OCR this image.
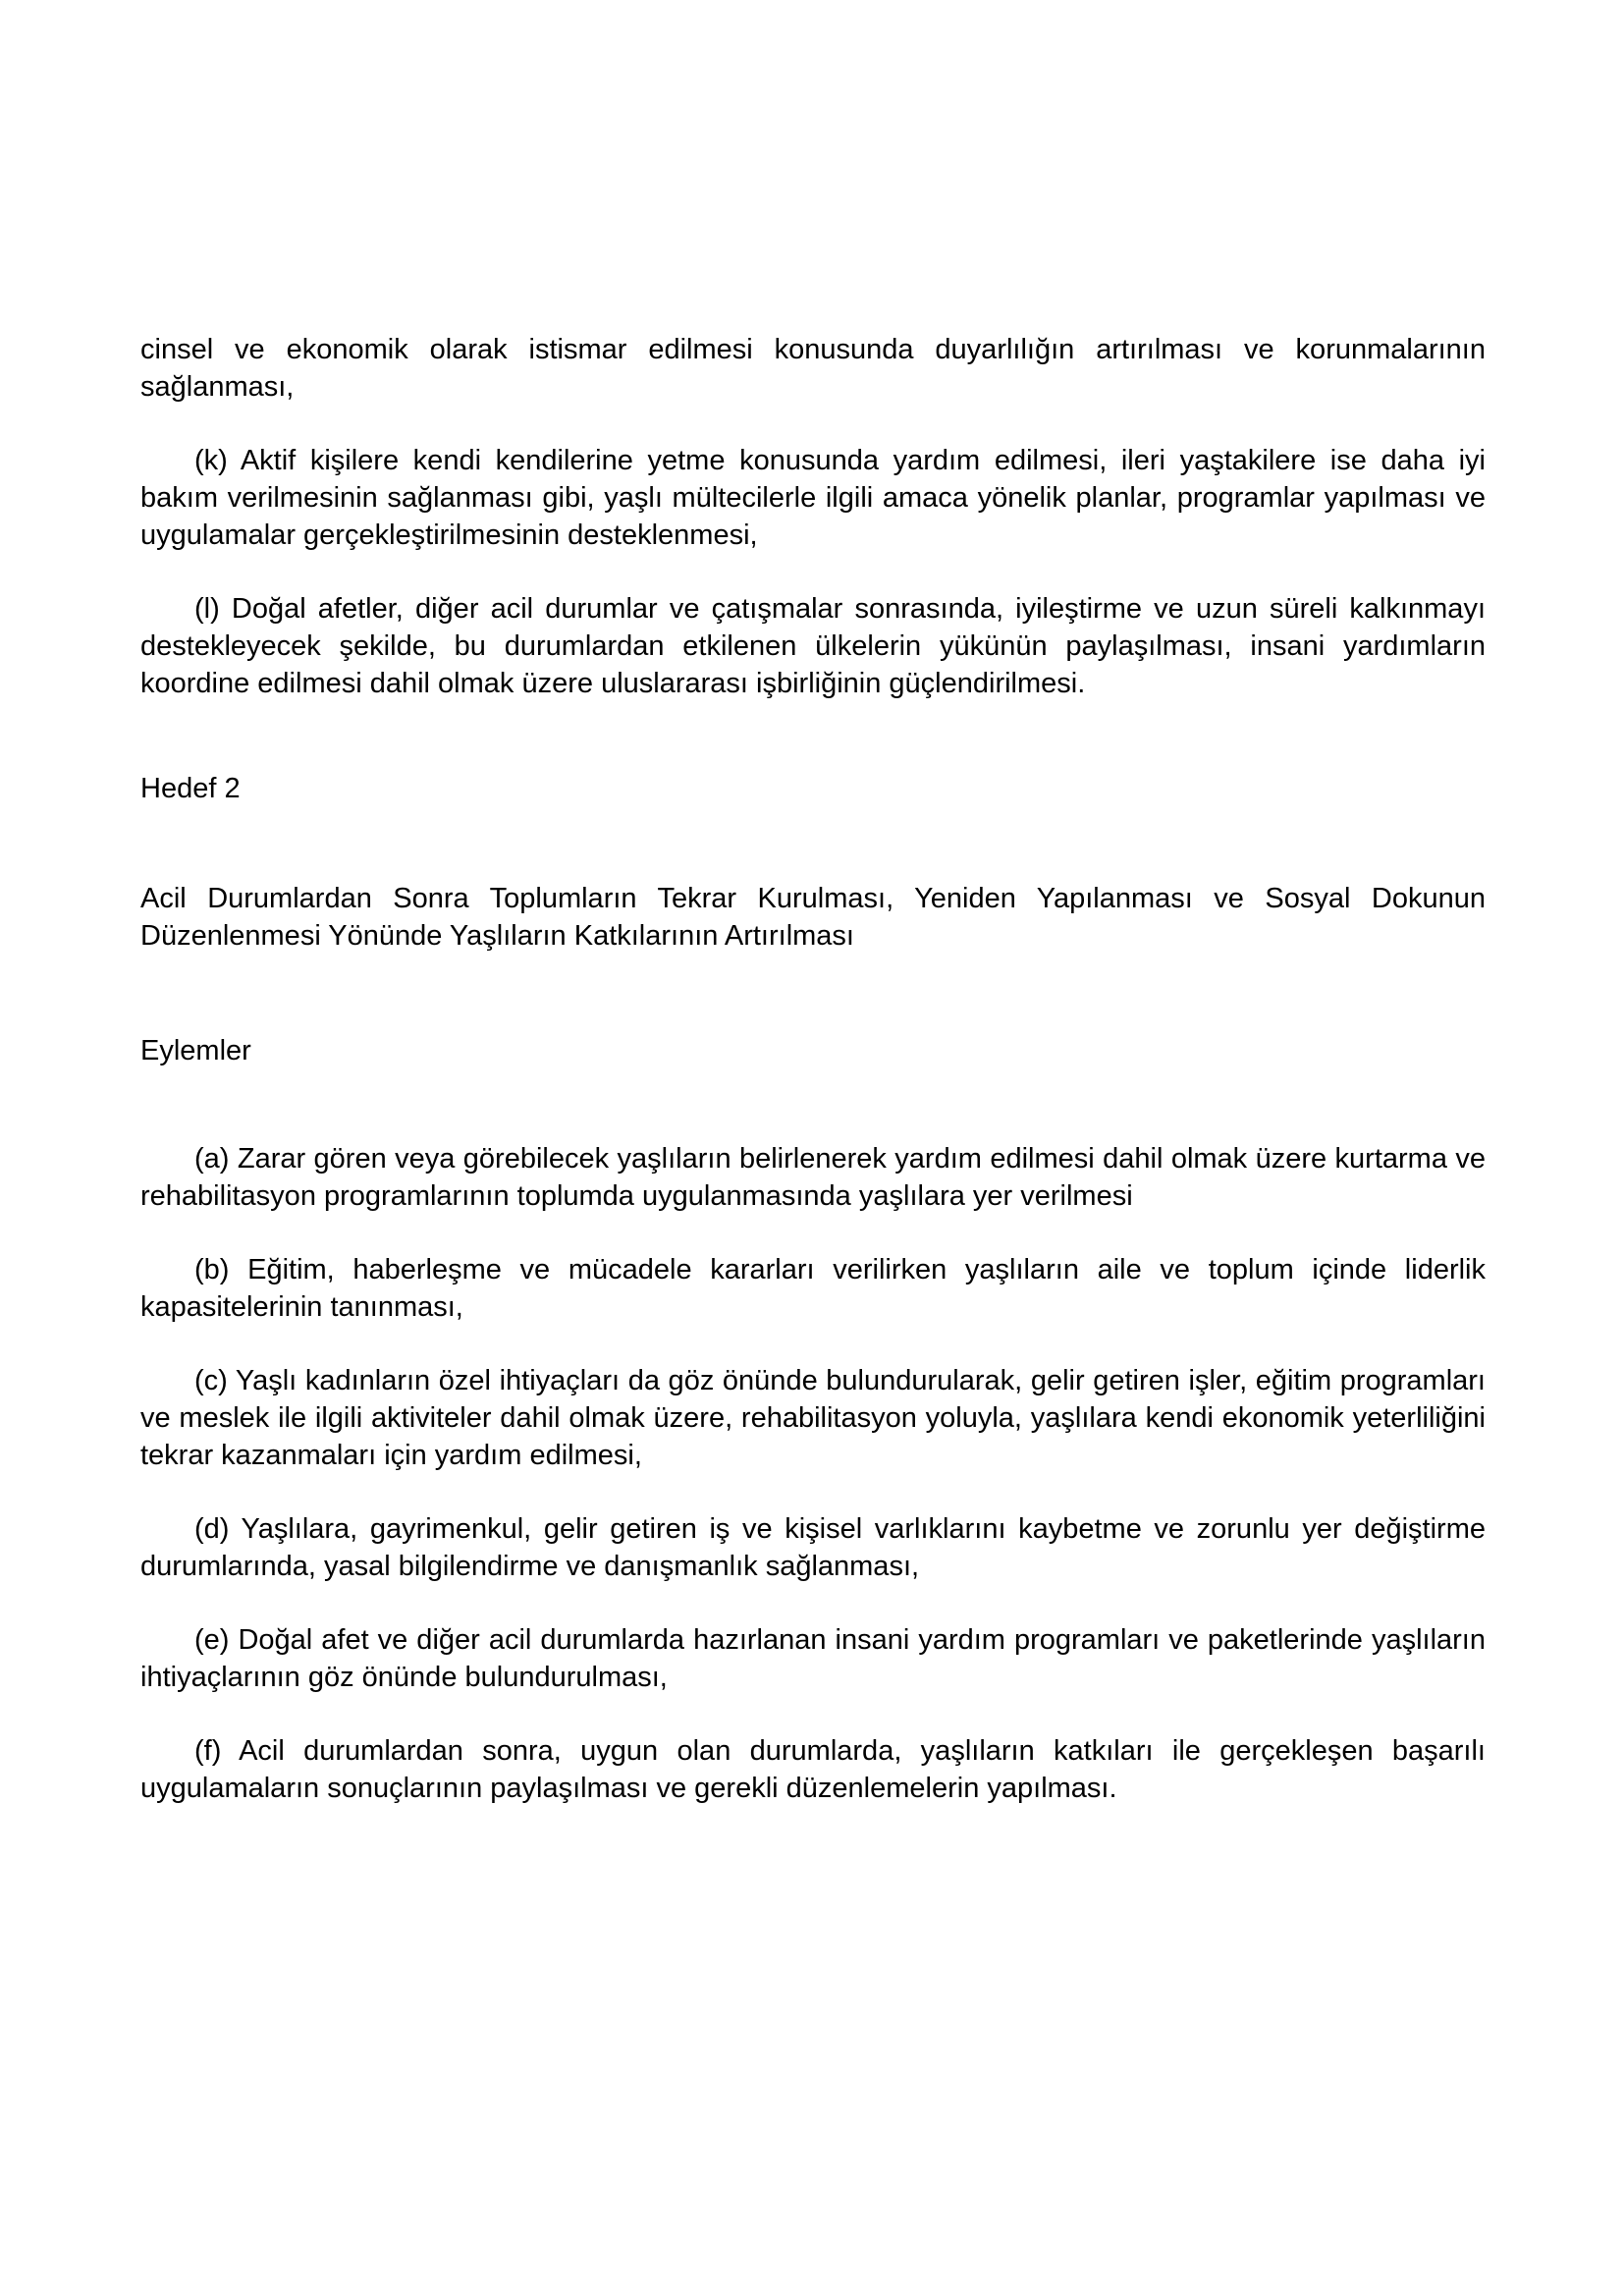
cinsel ve ekonomik olarak istismar edilmesi konusunda duyarlılığın artırılması ve korunmalarının sağlanması,

(k) Aktif kişilere kendi kendilerine yetme konusunda yardım edilmesi, ileri yaştakilere ise daha iyi bakım verilmesinin sağlanması gibi, yaşlı mültecilerle ilgili amaca yönelik planlar, programlar yapılması ve uygulamalar gerçekleştirilmesinin desteklenmesi,

(l) Doğal afetler, diğer acil durumlar ve çatışmalar sonrasında, iyileştirme ve uzun süreli kalkınmayı destekleyecek şekilde, bu durumlardan etkilenen ülkelerin yükünün paylaşılması, insani yardımların koordine edilmesi dahil olmak üzere uluslararası işbirliğinin güçlendirilmesi.

Hedef 2

Acil Durumlardan Sonra Toplumların Tekrar Kurulması, Yeniden Yapılanması ve Sosyal Dokunun Düzenlenmesi Yönünde Yaşlıların Katkılarının Artırılması

Eylemler

(a) Zarar gören veya görebilecek yaşlıların belirlenerek yardım edilmesi dahil olmak üzere kurtarma ve rehabilitasyon programlarının toplumda uygulanmasında yaşlılara yer verilmesi

(b) Eğitim, haberleşme ve mücadele kararları verilirken yaşlıların aile ve toplum içinde liderlik kapasitelerinin tanınması,

(c) Yaşlı kadınların özel ihtiyaçları da göz önünde bulundurularak, gelir getiren işler, eğitim programları ve meslek ile ilgili aktiviteler dahil olmak üzere, rehabilitasyon yoluyla, yaşlılara kendi ekonomik yeterliliğini tekrar kazanmaları için yardım edilmesi,

(d) Yaşlılara, gayrimenkul, gelir getiren iş ve kişisel varlıklarını kaybetme ve zorunlu yer değiştirme durumlarında, yasal bilgilendirme ve danışmanlık sağlanması,

(e) Doğal afet ve diğer acil durumlarda hazırlanan insani yardım programları ve paketlerinde yaşlıların ihtiyaçlarının göz önünde bulundurulması,

(f) Acil durumlardan sonra, uygun olan durumlarda, yaşlıların katkıları ile gerçekleşen başarılı uygulamaların sonuçlarının paylaşılması ve gerekli düzenlemelerin yapılması.
